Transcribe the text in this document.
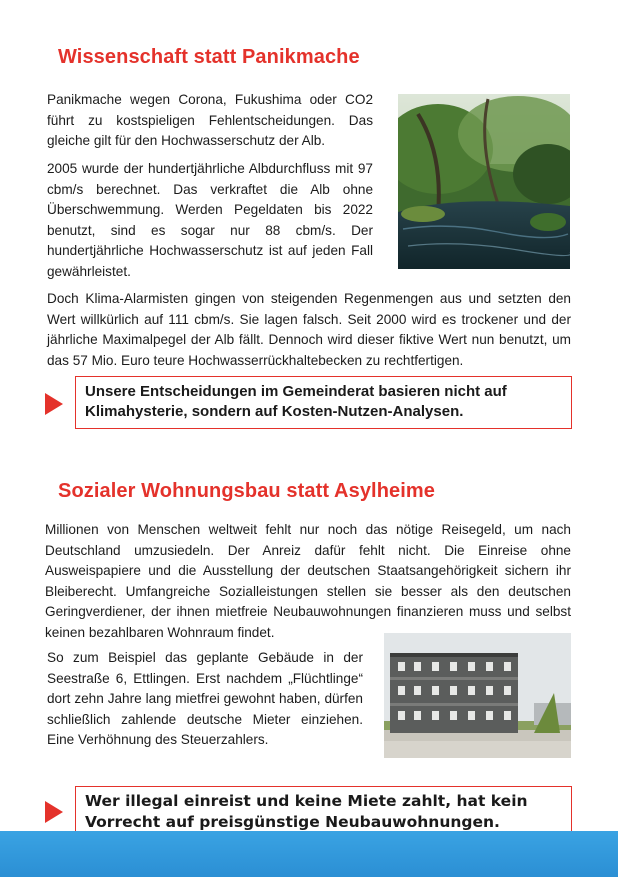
Wissenschaft statt Panikmache

Panikmache wegen Corona, Fukushima oder CO2 führt zu kostspieligen Fehlentscheidungen. Das gleiche gilt für den Hochwasserschutz der Alb.

2005 wurde der hundertjährliche Albdurchfluss mit 97 cbm/s berechnet. Das verkraftet die Alb ohne Überschwemmung. Werden Pegeldaten bis 2022 benutzt, sind es sogar nur 88 cbm/s. Der hundertjährliche Hochwasserschutz ist auf jeden Fall gewährleistet.

Doch Klima-Alarmisten gingen von steigenden Regenmengen aus und setzten den Wert willkürlich auf 111 cbm/s. Sie lagen falsch. Seit 2000 wird es trockener und der jährliche Maximalpegel der Alb fällt. Dennoch wird dieser fiktive Wert nun benutzt, um das 57 Mio. Euro teure Hochwasserrückhaltebecken zu rechtfertigen.

Unsere Entscheidungen im Gemeinderat basieren nicht auf Klimahysterie, sondern auf Kosten-Nutzen-Analysen.
Sozialer Wohnungsbau statt Asylheime

Millionen von Menschen weltweit fehlt nur noch das nötige Reisegeld, um nach Deutschland umzusiedeln. Der Anreiz dafür fehlt nicht. Die Einreise ohne Ausweispapiere und die Ausstellung der deutschen Staatsangehörigkeit sichern ihr Bleiberecht. Umfangreiche Sozialleistungen stellen sie besser als den deutschen Geringverdiener, der ihnen mietfreie Neubauwohnungen finanzieren muss und selbst keinen bezahlbaren Wohnraum findet.

So zum Beispiel das geplante Gebäude in der Seestraße 6, Ettlingen. Erst nachdem „Flüchtlinge“ dort zehn Jahre lang mietfrei gewohnt haben, dürfen schließlich zahlende deutsche Mieter einziehen. Eine Verhöhnung des Steuerzahlers.

Wer illegal einreist und keine Miete zahlt, hat kein Vorrecht auf preisgünstige Neubauwohnungen.
